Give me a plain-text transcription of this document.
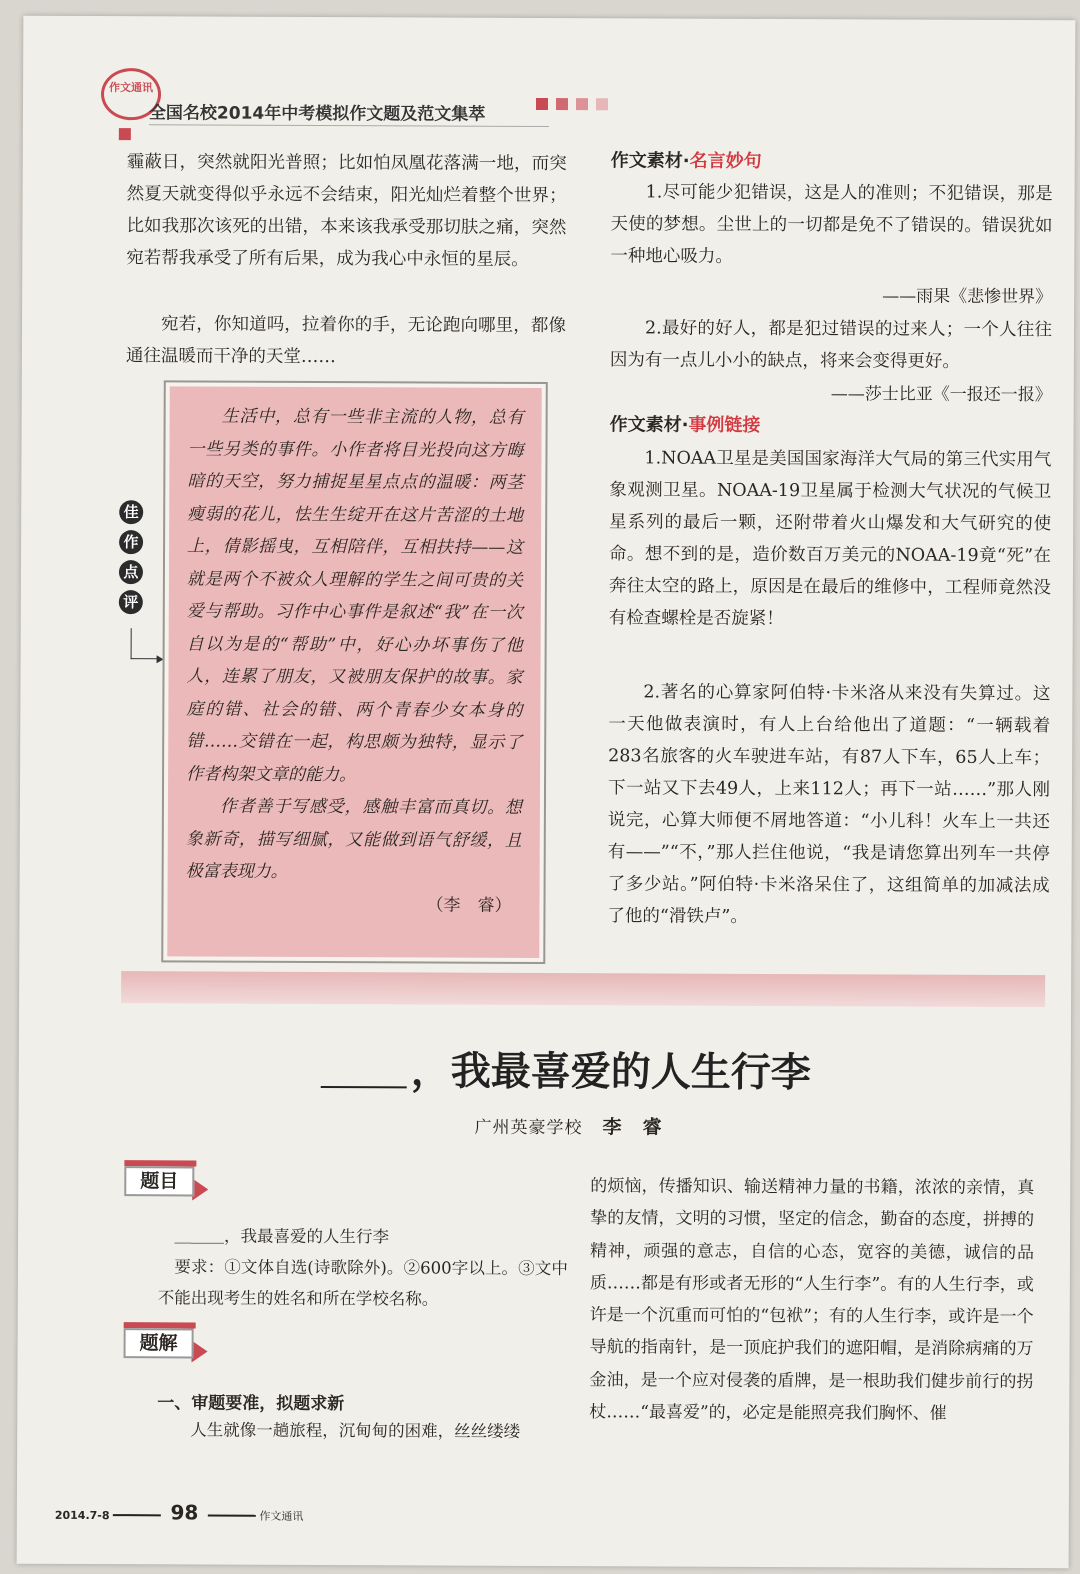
作文通讯
全国名校2014年中考模拟作文题及范文集萃

霾蔽日，突然就阳光普照；比如怕凤凰花落满一地，而突然夏天就变得似乎永远不会结束，阳光灿烂着整个世界；比如我那次该死的出错，本来该我承受那切肤之痛，突然宛若帮我承受了所有后果，成为我心中永恒的星辰。

宛若，你知道吗，拉着你的手，无论跑向哪里，都像通往温暖而干净的天堂……

佳
作
点
评

生活中，总有一些非主流的人物，总有一些另类的事件。小作者将目光投向这方晦暗的天空，努力捕捉星星点点的温暖：两茎瘦弱的花儿，怯生生绽开在这片苦涩的土地上，倩影摇曳，互相陪伴，互相扶持——这就是两个不被众人理解的学生之间可贵的关爱与帮助。习作中心事件是叙述“我”在一次自以为是的“帮助”中，好心办坏事伤了他人，连累了朋友，又被朋友保护的故事。家庭的错、社会的错、两个青春少女本身的错……交错在一起，构思颇为独特，显示了作者构架文章的能力。

作者善于写感受，感触丰富而真切。想象新奇，描写细腻，又能做到语气舒缓，且极富表现力。

（李　睿）
作文素材·名言妙句

1.尽可能少犯错误，这是人的准则；不犯错误，那是天使的梦想。尘世上的一切都是免不了错误的。错误犹如一种地心吸力。

——雨果《悲惨世界》

2.最好的好人，都是犯过错误的过来人；一个人往往因为有一点儿小小的缺点，将来会变得更好。

——莎士比亚《一报还一报》
作文素材·事例链接

1.NOAA卫星是美国国家海洋大气局的第三代实用气象观测卫星。NOAA-19卫星属于检测大气状况的气候卫星系列的最后一颗，还附带着火山爆发和大气研究的使命。想不到的是，造价数百万美元的NOAA-19竟“死”在奔往太空的路上，原因是在最后的维修中，工程师竟然没有检查螺栓是否旋紧！

2.著名的心算家阿伯特·卡米洛从来没有失算过。这一天他做表演时，有人上台给他出了道题：“一辆载着283名旅客的火车驶进车站，有87人下车，65人上车；下一站又下去49人，上来112人；再下一站……”那人刚说完，心算大师便不屑地答道：“小儿科！火车上一共还有——”“不，”那人拦住他说，“我是请您算出列车一共停了多少站。”阿伯特·卡米洛呆住了，这组简单的加减法成了他的“滑铁卢”。

，我最喜爱的人生行李
广州英豪学校 李　睿
题目

＿＿＿，我最喜爱的人生行李

要求：①文体自选(诗歌除外)。②600字以上。③文中不能出现考生的姓名和所在学校名称。

题解
一、审题要准，拟题求新

人生就像一趟旅程，沉甸甸的困难，丝丝缕缕

的烦恼，传播知识、输送精神力量的书籍，浓浓的亲情，真挚的友情，文明的习惯，坚定的信念，勤奋的态度，拼搏的精神，顽强的意志，自信的心态，宽容的美德，诚信的品质……都是有形或者无形的“人生行李”。有的人生行李，或许是一个沉重而可怕的“包袱”；有的人生行李，或许是一个导航的指南针，是一顶庇护我们的遮阳帽，是消除病痛的万金油，是一个应对侵袭的盾牌，是一根助我们健步前行的拐杖……“最喜爱”的，必定是能照亮我们胸怀、催

2014.7-8	98	作文通讯
